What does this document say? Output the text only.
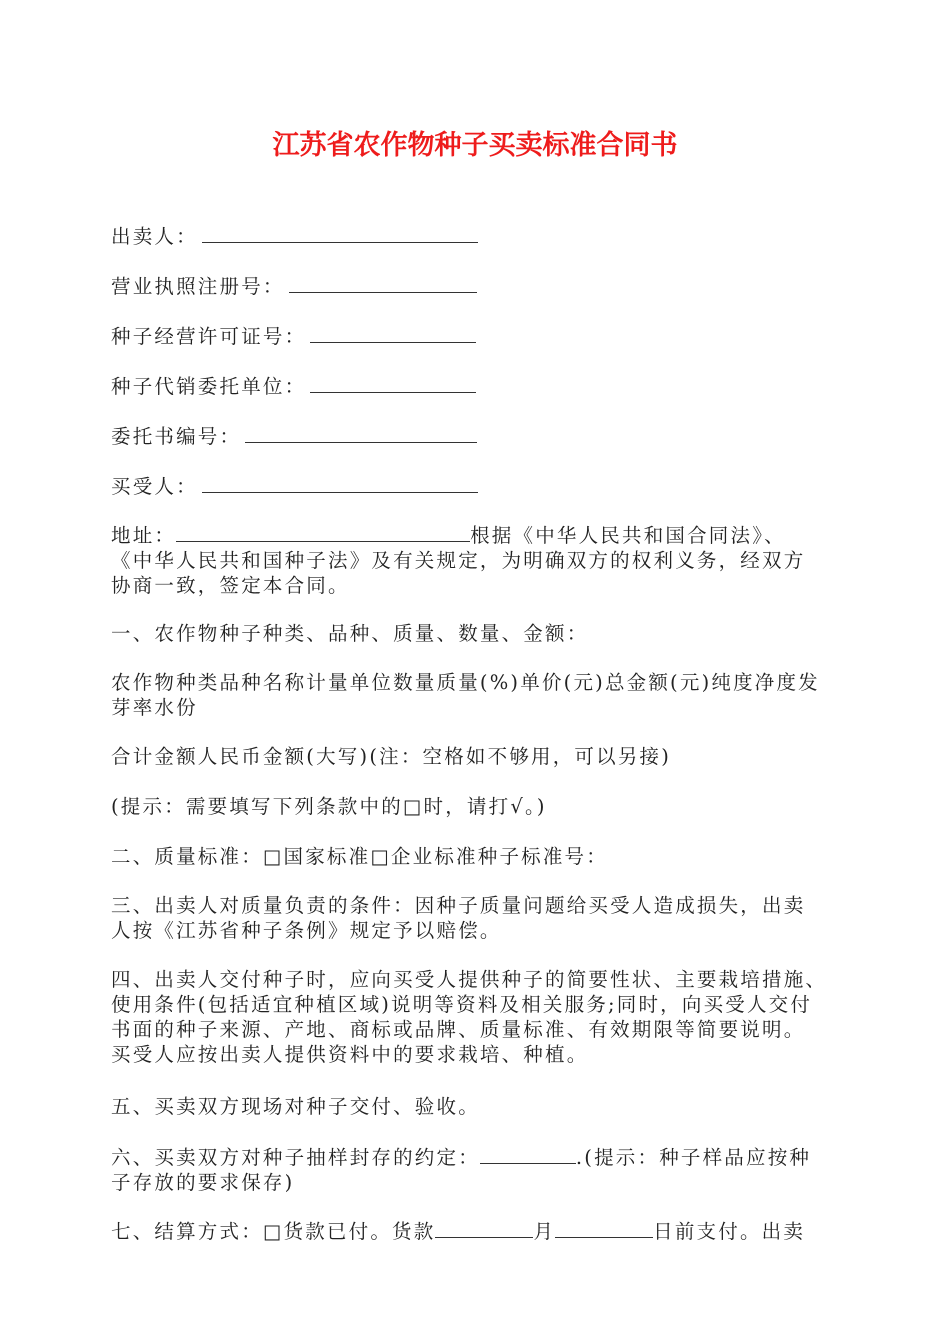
江苏省农作物种子买卖标准合同书
出卖人：
营业执照注册号：
种子经营许可证号：
种子代销委托单位：
委托书编号：
买受人：
地址：	根据《中华人民共和国合同法》、
《中华人民共和国种子法》及有关规定，为明确双方的权利义务，经双方
协商一致，签定本合同。
一、农作物种子种类、品种、质量、数量、金额：
农作物种类品种名称计量单位数量质量(%)单价(元)总金额(元)纯度净度发
芽率水份
合计金额人民币金额(大写)(注：空格如不够用，可以另接)
(提示：需要填写下列条款中的□时，请打√。)
二、质量标准：□国家标准□企业标准种子标准号：
三、出卖人对质量负责的条件：因种子质量问题给买受人造成损失，出卖
人按《江苏省种子条例》规定予以赔偿。
四、出卖人交付种子时，应向买受人提供种子的简要性状、主要栽培措施、
使用条件(包括适宜种植区域)说明等资料及相关服务;同时，向买受人交付
书面的种子来源、产地、商标或品牌、质量标准、有效期限等简要说明。
买受人应按出卖人提供资料中的要求栽培、种植。
五、买卖双方现场对种子交付、验收。
六、买卖双方对种子抽样封存的约定：	.(提示：种子样品应按种
子存放的要求保存)
七、结算方式：□货款已付。货款	月	日前支付。出卖
